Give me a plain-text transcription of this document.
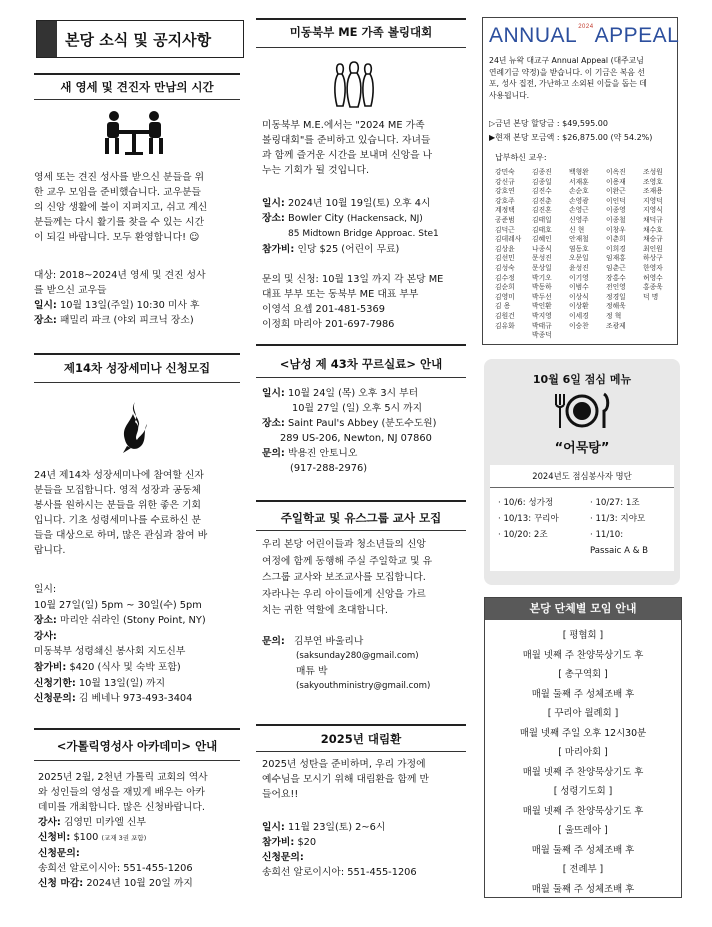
본당 소식 및 공지사항
새 영세 및 견진자 만남의 시간
영세 또는 견진 성사를 받으신 분들을 위
한 교우 모임을 준비했습니다. 교우분들
의 신앙 생활에 불이 지펴지고, 쉬고 계신
분들께는 다시 활기를 찾을 수 있는 시간
이 되길 바랍니다. 모두 환영합니다! ☺
대상: 2018~2024년 영세 및 견진 성사
를 받으신 교우들
일시: 10월 13일(주일) 10:30 미사 후
장소: 패밀리 파크 (야외 피크닉 장소)
제14차 성장세미나 신청모집
24년 제14차 성장세미나에 참여할 신자
분들을 모집합니다. 영적 성장과 공동체
봉사를 원하시는 분들을 위한 좋은 기회
입니다. 기초 성령세미나를 수료하신 분
들을 대상으로 하며, 많은 관심과 참여 바
랍니다.
일시:
10월 27일(일) 5pm ~ 30일(수) 5pm
장소: 마리안 쉬라인 (Stony Point, NY)
강사:
미동북부 성령쇄신 봉사회 지도신부
참가비: $420 (식사 및 숙박 포함)
신청기한: 10월 13일(일) 까지
신청문의: 김 베네나 973-493-3404
<가톨릭영성사 아카데미> 안내
2025년 2월, 2천년 가톨릭 교회의 역사
와 성인들의 영성을 재밌게 배우는 아카
데미를 개최합니다. 많은 신청바랍니다.
강사: 김영민 미카엘 신부
신청비: $100 (교재 3권 포함)
신청문의:
송희선 알로이시아: 551-455-1206
신청 마감: 2024년 10월 20일 까지
미동북부 ME 가족 볼링대회
미동북부 M.E.에서는 "2024 ME 가족
볼링대회"를 준비하고 있습니다. 자녀들
과 함께 즐거운 시간을 보내며 신앙을 나
누는 기회가 될 것입니다.
일시: 2024년 10월 19일(토) 오후 4시
장소: Bowler City (Hackensack, NJ)
85 Midtown Bridge Approac. Ste1
참가비: 인당 $25 (어린이 무료)
문의 및 신청: 10월 13일 까지 각 본당 ME
대표 부부 또는 동북부 ME 대표 부부
이영석 요셉 201-481-5369
이정희 마리아 201-697-7986
<남성 제 43차 꾸르실료> 안내
일시: 10월 24일 (목) 오후 3시 부터
10월 27일 (일) 오후 5시 까지
장소: Saint Paul's Abbey (분도수도원)
289 US-206, Newton, NJ 07860
문의: 박용진 안토니오
(917-288-2976)
주일학교 및 유스그룹 교사 모집
우리 본당 어린이들과 청소년들의 신앙
여정에 함께 동행해 주실 주일학교 및 유
스그룹 교사와 보조교사를 모집합니다.
자라나는 우리 아이들에게 신앙을 가르
치는 귀한 역할에 초대합니다.
문의: 김부연 바울리나
(saksunday280@gmail.com)
매튜 박
(sakyouthministry@gmail.com)
2025년 대림환
2025년 성탄을 준비하며, 우리 가정에
예수님을 모시기 위해 대림환을 함께 만
들어요!!
일시: 11월 23일(토) 2~6시
참가비: $20
신청문의:
송희선 알로이시아: 551-455-1206
$ANNUAL^{2024}APPEAL$
24년 뉴왁 대교구 Annual Appeal (대주교님
연례기금 약정)을 받습니다. 이 기금은 복음 선
포, 성사 집전, 가난하고 소외된 이들을 돕는 데
사용됩니다.
▷금년 본당 할당금 : $49,595.00
▶현재 본당 모금액 : $26,875.00 (약 54.2%)
납부하신 교우:
강민숙
강신규
강호연
강호주
계정택
공준범
김덕근
김데레사
김상윤
김선민
김성숙
김수정
김순희
김영미
김 용
김원건
김유화
김종진
김종일
김진수
김진춘
김진혼
김태일
김태호
김혜인
나종식
문성진
문상일
박기오
박동하
박두선
박인환
박지영
박태규
박종덕
백형완
서재훈
손순호
손영광
손영근
신영주
신 현
안재철
염동호
오문일
윤성진
이기영
이범수
이상식
이상환
이세경
이승찬
이옥진
이용재
이완근
이인덕
이종영
이종철
이창우
이춘희
이희경
임재홍
임춘근
장홍수
전인영
정경일
정해욱
정 혁
조광제
조성원
조영호
조재용
지영덕
지영식
채덕규
채수호
채승규
최인원
하상구
한영자
허영수
홍종욱
덕 명
10월 6일 점심 메뉴
“어묵탕”
2024년도 점심봉사자 명단
· 10/6: 성가정
· 10/13: 꾸리아
· 10/20: 2조
· 10/27: 1조
· 11/3: 지야모
· 11/10:
Passaic A & B
본당 단체별 모임 안내
[ 평협회 ]
매월 넷째 주 찬양묵상기도 후
[ 총구역회 ]
매월 둘째 주 성체조배 후
[ 꾸리아 월례회 ]
매월 넷째 주일 오후 12시30분
[ 마리아회 ]
매월 넷째 주 찬양묵상기도 후
[ 성령기도회 ]
매월 넷째 주 찬양묵상기도 후
[ 울뜨레아 ]
매월 둘째 주 성체조배 후
[ 전례부 ]
매월 둘째 주 성체조배 후
